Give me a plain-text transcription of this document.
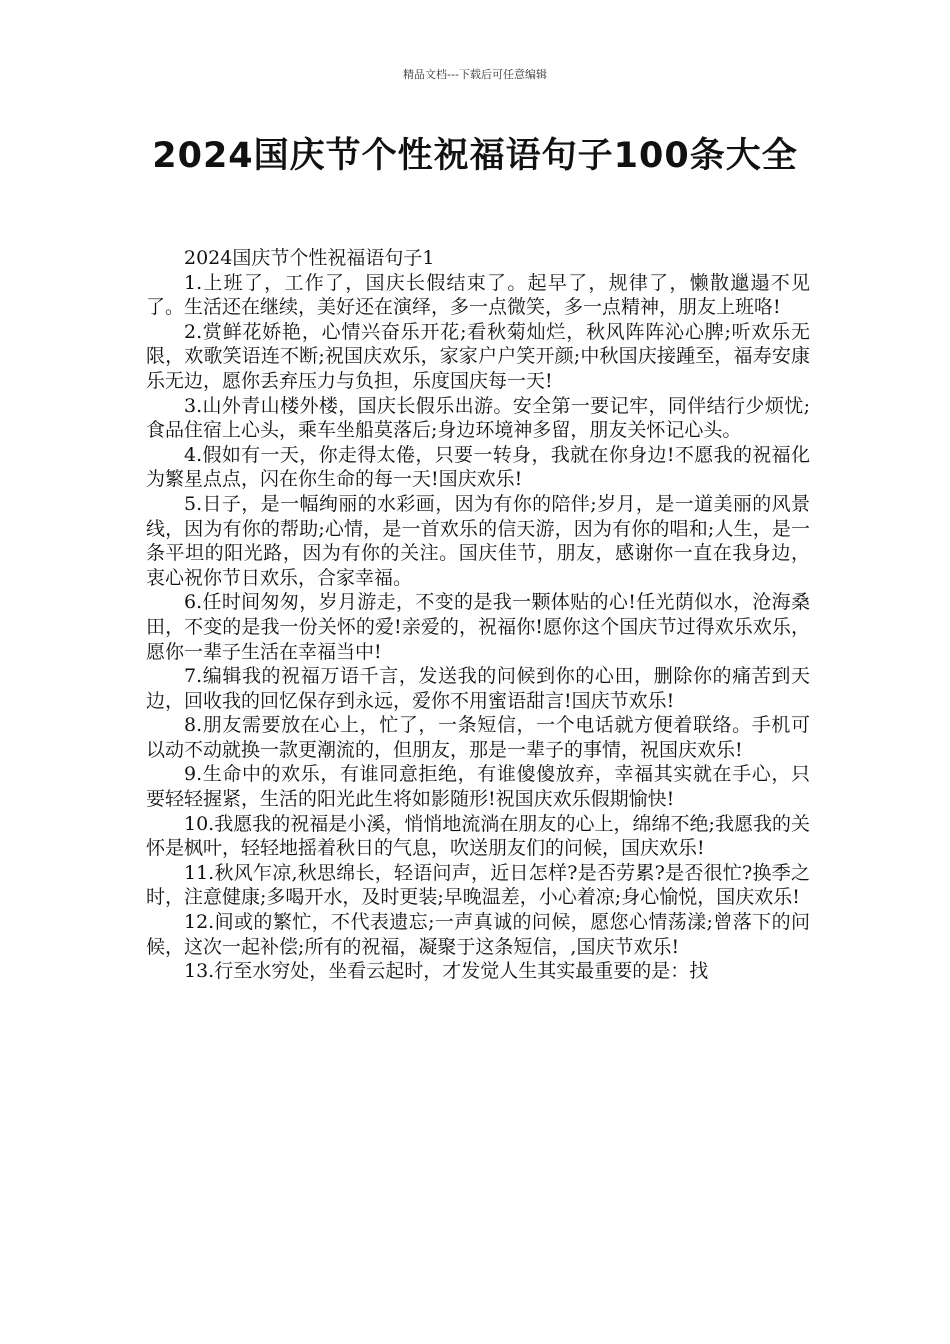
精品文档---下载后可任意编辑
2024国庆节个性祝福语句子100条大全

2024国庆节个性祝福语句子1

1.上班了，工作了，国庆长假结束了。起早了，规律了，懒散邋遢不见了。生活还在继续，美好还在演绎，多一点微笑，多一点精神，朋友上班咯!

2.赏鲜花娇艳，心情兴奋乐开花;看秋菊灿烂，秋风阵阵沁心脾;听欢乐无限，欢歌笑语连不断;祝国庆欢乐，家家户户笑开颜;中秋国庆接踵至，福寿安康乐无边，愿你丢弃压力与负担，乐度国庆每一天!

3.山外青山楼外楼，国庆长假乐出游。安全第一要记牢，同伴结行少烦忧;食品住宿上心头，乘车坐船莫落后;身边环境神多留，朋友关怀记心头。

4.假如有一天，你走得太倦，只要一转身，我就在你身边!不愿我的祝福化为繁星点点，闪在你生命的每一天!国庆欢乐!

5.日子，是一幅绚丽的水彩画，因为有你的陪伴;岁月，是一道美丽的风景线，因为有你的帮助;心情，是一首欢乐的信天游，因为有你的唱和;人生，是一条平坦的阳光路，因为有你的关注。国庆佳节，朋友，感谢你一直在我身边，衷心祝你节日欢乐，合家幸福。

6.任时间匆匆，岁月游走，不变的是我一颗体贴的心!任光荫似水，沧海桑田，不变的是我一份关怀的爱!亲爱的，祝福你!愿你这个国庆节过得欢乐欢乐，愿你一辈子生活在幸福当中!

7.编辑我的祝福万语千言，发送我的问候到你的心田，删除你的痛苦到天边，回收我的回忆保存到永远，爱你不用蜜语甜言!国庆节欢乐!

8.朋友需要放在心上，忙了，一条短信，一个电话就方便着联络。手机可以动不动就换一款更潮流的，但朋友，那是一辈子的事情，祝国庆欢乐!

9.生命中的欢乐，有谁同意拒绝，有谁傻傻放弃，幸福其实就在手心，只要轻轻握紧，生活的阳光此生将如影随形!祝国庆欢乐假期愉快!

10.我愿我的祝福是小溪，悄悄地流淌在朋友的心上，绵绵不绝;我愿我的关怀是枫叶，轻轻地摇着秋日的气息，吹送朋友们的问候，国庆欢乐!

11.秋风乍凉,秋思绵长，轻语问声，近日怎样?是否劳累?是否很忙?换季之时，注意健康;多喝开水，及时更装;早晚温差，小心着凉;身心愉悦，国庆欢乐!

12.间或的繁忙，不代表遗忘;一声真诚的问候，愿您心情荡漾;曾落下的问候，这次一起补偿;所有的祝福，凝聚于这条短信，,国庆节欢乐!

13.行至水穷处，坐看云起时，才发觉人生其实最重要的是：找
